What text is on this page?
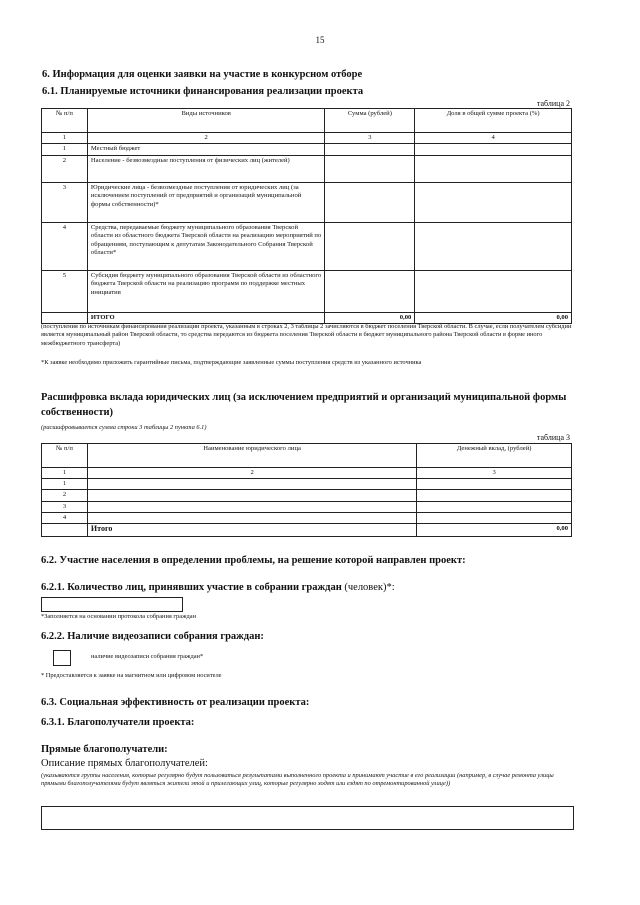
15
6. Информация для оценки заявки на участие в конкурсном отборе
6.1. Планируемые источники финансирования реализации проекта
таблица 2
№ п/п	Виды источников	Сумма (рублей)	Доля в общей сумме проекта (%)
1	2	3	4
1	Местный бюджет		
2	Население - безвозмездные поступления от физических лиц (жителей)		
3	Юридические лица - безвозмездные поступления от юридических лиц (за исключением поступлений от предприятий и организаций муниципальной формы собственности)*		
4	Средства, передаваемые бюджету муниципального образования Тверской области из областного бюджета Тверской области на реализацию мероприятий по обращениям, поступающим к депутатам Законодательного Собрания Тверской области*		
5	Субсидия бюджету муниципального образования Тверской области из областного бюджета Тверской области на реализацию программ по поддержке местных инициатив		
	ИТОГО	0,00	0,00
(поступления по источникам финансирования реализации проекта, указанным в строках 2, 3 таблицы 2 зачисляются в бюджет поселения Тверской области. В случае, если получателем субсидии является муниципальный район Тверской области, то средства передаются из бюджета поселения Тверской области в бюджет муниципального района Тверской области в форме иного межбюджетного трансферта)
*К заявке необходимо приложить гарантийные письма, подтверждающие заявленные суммы поступления средств из указанного источника
Расшифровка вклада юридических лиц (за исключением предприятий и организаций муниципальной формы собственности)
(расшифровывается сумма строки 3 таблицы 2 пункта 6.1)
таблица 3
№ п/п	Наименование юридического лица	Денежный вклад, (рублей)
1	2	3
1		
2		
3		
4		
	Итого	0,00
6.2. Участие населения в определении проблемы, на решение которой направлен проект:
6.2.1. Количество лиц, принявших участие в собрании граждан (человек)*:
*Заполняется на основании протокола собрания граждан
6.2.2. Наличие видеозаписи собрания граждан:
наличие видеозаписи собрания граждан*
* Предоставляется к заявке на магнитном или цифровом носителе
6.3. Социальная эффективность от реализации проекта:
6.3.1. Благополучатели проекта:
Прямые благополучатели:
Описание прямых благополучателей:
(указываются группы населения, которые регулярно будут пользоваться результатами выполненного проекта и принимают участие в его реализации (например, в случае ремонта улицы прямыми благополучателями будут являться жители этой и прилегающих улиц, которые регулярно ходят или ездят по отремонтированной улице))
